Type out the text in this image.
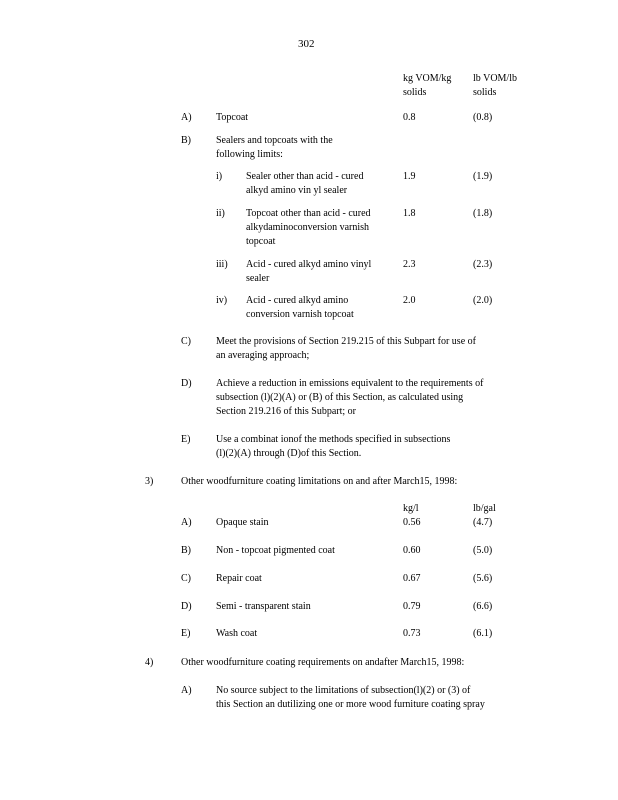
302
kg VOM/kg
solids
lb VOM/lb
solids
A) Topcoat	0.8	(0.8)
B)	Sealers and topcoats with the
following limits:
i) Sealer other than acid - cured
alkyd amino vin yl sealer
1.9	(1.9)
ii) Topcoat other than acid - cured
alkydaminoconversion varnish
topcoat
1.8	(1.8)
iii) Acid - cured alkyd amino vinyl
sealer
2.3	(2.3)
iv) Acid - cured alkyd amino
conversion varnish topcoat
2.0	(2.0)
C)	Meet the provisions of Section 219.215 of this Subpart for use of
an averaging approach;
D) Achieve a reduction in emissions equivalent to the requirements of
subsection (l)(2)(A) or (B) of this Section, as calculated using
Section 219.216 of this Subpart; or
E)	Use a combinat ionof the methods specified in subsections
(l)(2)(A) through (D)of this Section.
3)	Other woodfurniture coating limitations on and after March15, 1998:
kg/l	lb/gal
A) Opaque stain	0.56	(4.7)
B)	Non - topcoat pigmented coat	0.60	(5.0)
C)	Repair coat	0.67	(5.6)
D) Semi - transparent stain	0.79	(6.6)
E)	Wash coat	0.73	(6.1)
4)	Other woodfurniture coating requirements on andafter March15, 1998:
A) No source subject to the limitations of subsection(l)(2) or (3) of
this Section an dutilizing one or more wood furniture coating spray
